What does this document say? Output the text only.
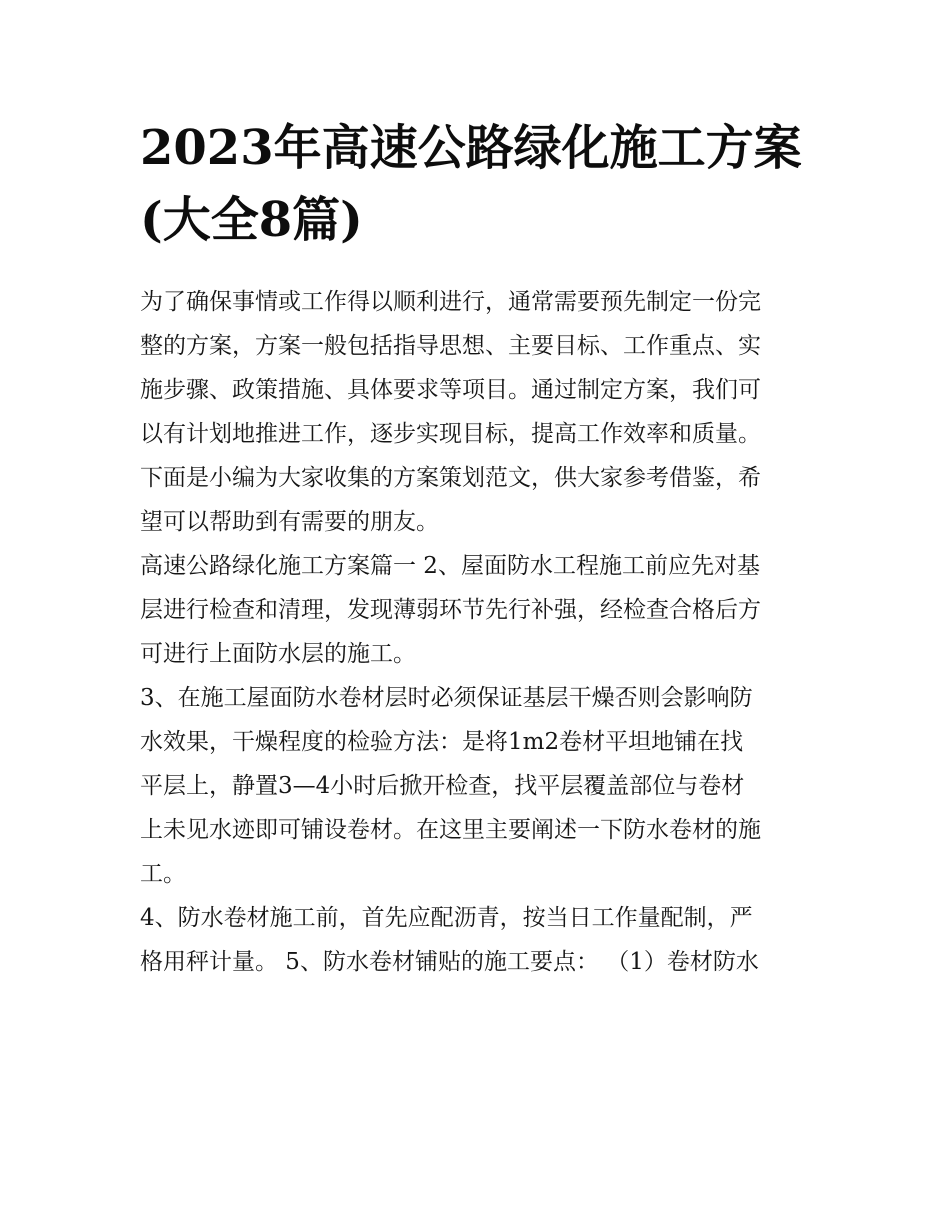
2023年高速公路绿化施工方案
(大全8篇)

为了确保事情或工作得以顺利进行，通常需要预先制定一份完
整的方案，方案一般包括指导思想、主要目标、工作重点、实
施步骤、政策措施、具体要求等项目。通过制定方案，我们可
以有计划地推进工作，逐步实现目标，提高工作效率和质量。
下面是小编为大家收集的方案策划范文，供大家参考借鉴，希
望可以帮助到有需要的朋友。

高速公路绿化施工方案篇一 2、屋面防水工程施工前应先对基
层进行检查和清理，发现薄弱环节先行补强，经检查合格后方
可进行上面防水层的施工。

3、在施工屋面防水卷材层时必须保证基层干燥否则会影响防
水效果，干燥程度的检验方法：是将1m2卷材平坦地铺在找
平层上，静置3—4小时后掀开检查，找平层覆盖部位与卷材
上未见水迹即可铺设卷材。在这里主要阐述一下防水卷材的施
工。

4、防水卷材施工前，首先应配沥青，按当日工作量配制，严
格用秤计量。 5、防水卷材铺贴的施工要点： （1）卷材防水
